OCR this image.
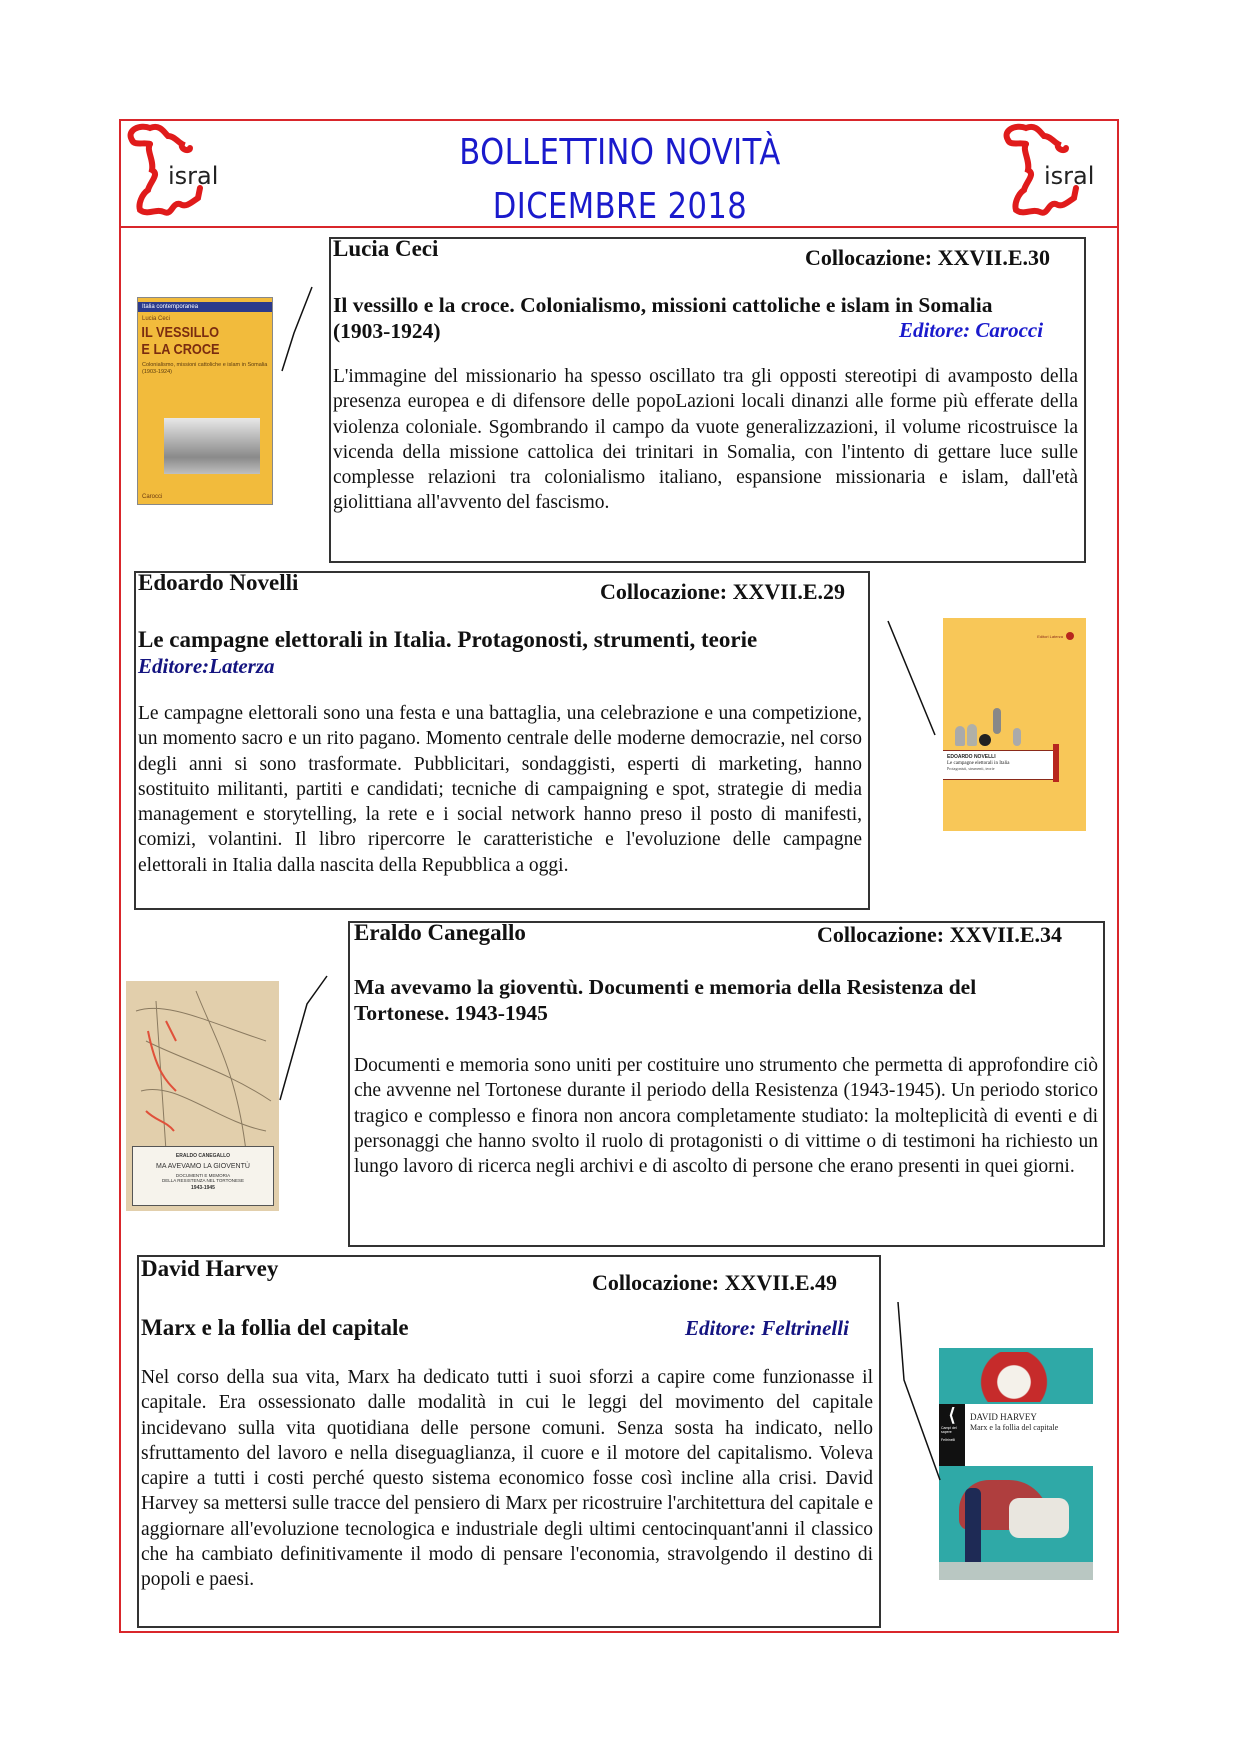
isral	isral
BOLLETTINO NOVITÀ
DICEMBRE 2018
Lucia Ceci	Collocazione: XXVII.E.30
Il vessillo e la croce. Colonialismo, missioni cattoliche e islam in Somalia
(1903-1924)	Editore: Carocci
L'immagine del missionario ha spesso oscillato tra gli opposti stereotipi di avamposto della presenza europea e di difensore delle popoLazioni locali dinanzi alle forme più efferate della violenza coloniale. Sgombrando il campo da vuote generalizzazioni, il volume ricostruisce la vicenda della missione cattolica dei trinitari in Somalia, con l'intento di gettare luce sulle complesse relazioni tra colonialismo italiano, espansione missionaria e islam, dall'età giolittiana all'avvento del fascismo.
Italia contemporanea
Lucia Ceci
IL VESSILLO
E LA CROCE
Colonialismo, missioni cattoliche e islam in Somalia (1903-1924)
Carocci
Edoardo Novelli	Collocazione: XXVII.E.29
Le campagne elettorali in Italia. Protagonosti, strumenti, teorie
Editore:Laterza
Le campagne elettorali sono una festa e una battaglia, una celebrazione e una competizione, un momento sacro e un rito pagano. Momento centrale delle moderne democrazie, nel corso degli anni si sono trasformate. Pubblicitari, sondaggisti, esperti di marketing, hanno sostituito militanti, partiti e candidati; tecniche di campaigning e spot, strategie di media management e storytelling, la rete e i social network hanno preso il posto di manifesti, comizi, volantini. Il libro ripercorre le caratteristiche e l'evoluzione delle campagne elettorali in Italia dalla nascita della Repubblica a oggi.
Editori Laterza
EDOARDO NOVELLI
Le campagne elettorali in Italia
Protagonisti, strumenti, teorie
Eraldo Canegallo	Collocazione: XXVII.E.34
Ma avevamo la gioventù. Documenti e memoria della Resistenza del
Tortonese. 1943-1945
Documenti e memoria sono uniti per costituire uno strumento che permetta di approfondire ciò che avvenne nel Tortonese durante il periodo della Resistenza (1943-1945). Un periodo storico tragico e complesso e finora non ancora completamente studiato: la molteplicità di eventi e di personaggi che hanno svolto il ruolo di protagonisti o di vittime o di testimoni ha richiesto un lungo lavoro di ricerca negli archivi e di ascolto di persone che erano presenti in quei giorni.
ERALDO CANEGALLO
MA AVEVAMO LA GIOVENTÙ
DOCUMENTI E MEMORIA
DELLA RESISTENZA NEL TORTONESE
1943-1945
David Harvey
Collocazione: XXVII.E.49
Marx e la follia del capitale	Editore: Feltrinelli
Nel corso della sua vita, Marx ha dedicato tutti i suoi sforzi a capire come funzionasse il capitale. Era ossessionato dalle modalità in cui le leggi del movimento del capitale incidevano sulla vita quotidiana delle persone comuni. Senza sosta ha indicato, nello sfruttamento del lavoro e nella diseguaglianza, il cuore e il motore del capitalismo. Voleva capire a tutti i costi perché questo sistema economico fosse così incline alla crisi. David Harvey sa mettersi sulle tracce del pensiero di Marx per ricostruire l'architettura del capitale e aggiornare all'evoluzione tecnologica e industriale degli ultimi centocinquant'anni il classico che ha cambiato definitivamente il modo di pensare l'economia, stravolgendo il destino di popoli e paesi.
⟨
Campi del sapere
Feltrinelli
DAVID HARVEY
Marx e la follia del capitale
